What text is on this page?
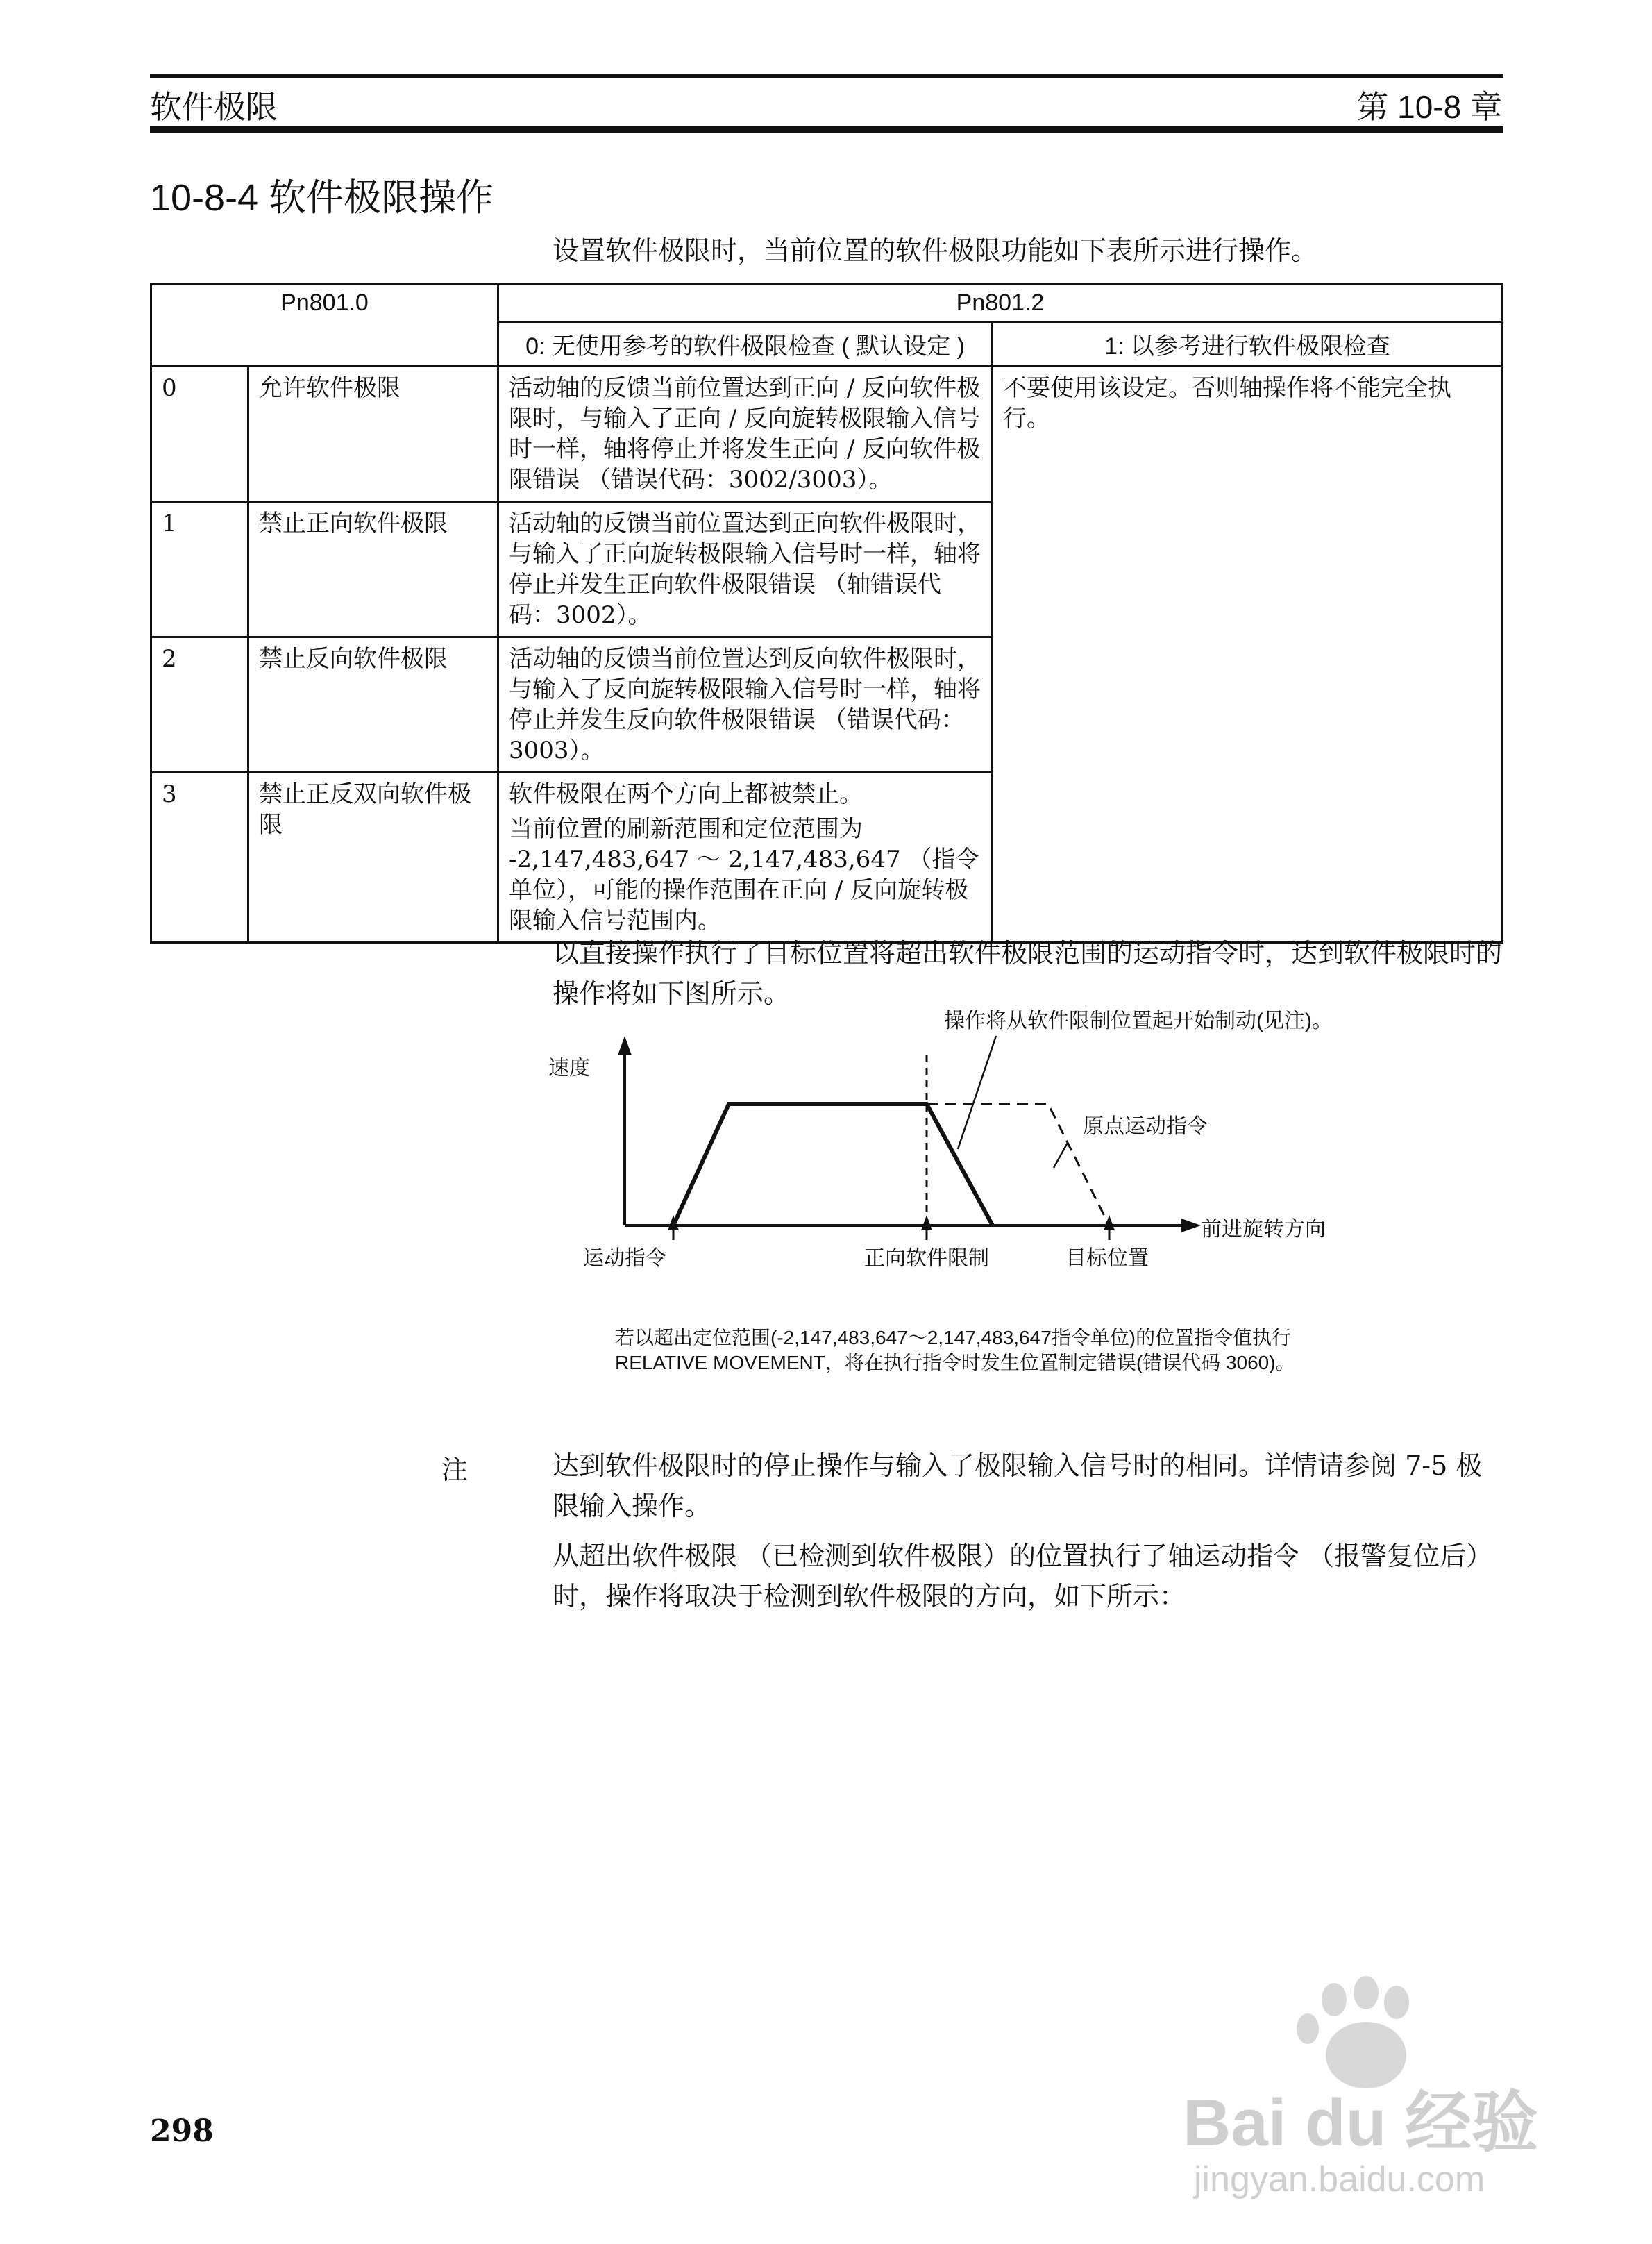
软件极限	第 10-8 章
10-8-4 软件极限操作
设置软件极限时，当前位置的软件极限功能如下表所示进行操作。
Pn801.0		Pn801.2	
		0: 无使用参考的软件极限检查 ( 默认设定 )	1: 以参考进行软件极限检查
0	允许软件极限	活动轴的反馈当前位置达到正向 / 反向软件极限时，与输入了正向 / 反向旋转极限输入信号时一样，轴将停止并将发生正向 / 反向软件极限错误 （错误代码：3002/3003）。	不要使用该设定。否则轴操作将不能完全执行。
1	禁止正向软件极限	活动轴的反馈当前位置达到正向软件极限时，与输入了正向旋转极限输入信号时一样，轴将停止并发生正向软件极限错误 （轴错误代码：3002）。	
2	禁止反向软件极限	活动轴的反馈当前位置达到反向软件极限时，与输入了反向旋转极限输入信号时一样，轴将停止并发生反向软件极限错误 （错误代码：3003）。	
3	禁止正反双向软件极限	软件极限在两个方向上都被禁止。
当前位置的刷新范围和定位范围为 -2,147,483,647 ～ 2,147,483,647 （指令单位），可能的操作范围在正向 / 反向旋转极限输入信号范围内。	
以直接操作执行了目标位置将超出软件极限范围的运动指令时，达到软件极限时的操作将如下图所示。
操作将从软件限制位置起开始制动(见注)。
速度
原点运动指令
前进旋转方向
运动指令	正向软件限制	目标位置
若以超出定位范围(-2,147,483,647～2,147,483,647指令单位)的位置指令值执行
RELATIVE MOVEMENT，将在执行指令时发生位置制定错误(错误代码 3060)。
注	达到软件极限时的停止操作与输入了极限输入信号时的相同。详情请参阅 7-5 极限输入操作。
从超出软件极限 （已检测到软件极限）的位置执行了轴运动指令 （报警复位后）时，操作将取决于检测到软件极限的方向，如下所示：
298	Bai du 经验
jingyan.baidu.com
